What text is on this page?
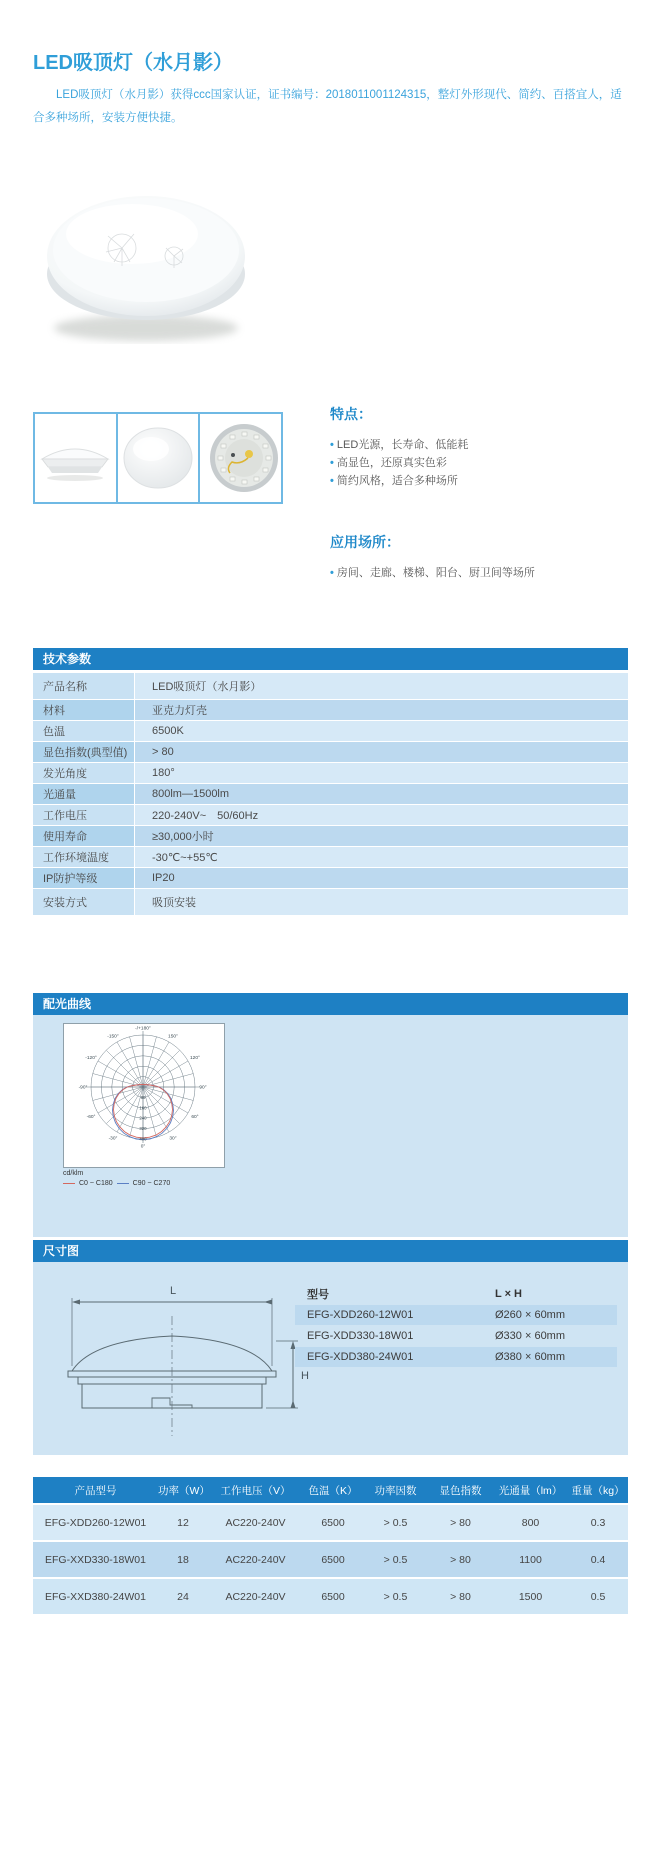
LED吸顶灯（水月影）
LED吸顶灯（水月影）获得ccc国家认证，证书编号：2018011001124315，整灯外形现代、简约、百搭宜人，适合多种场所，安装方便快捷。
特点：
• LED光源，长寿命、低能耗
• 高显色，还原真实色彩
• 简约风格，适合多种场所
应用场所：
• 房间、走廊、楼梯、阳台、厨卫间等场所
技术参数
产品名称	LED吸顶灯（水月影）
材料	亚克力灯壳
色温	6500K
显色指数(典型值)	> 80
发光角度	180°
光通量	800lm—1500lm
工作电压	220-240V~　50/60Hz
使用寿命	≥30,000小时
工作环境温度	-30℃~+55℃
IP防护等级	IP20
安装方式	吸顶安装
配光曲线
0°
30°
-30°
60°
-60°
90°
-90°
120°
-120°
150°
-150°
-/+180°
80
160
240
320
400
cd/klm
C0 ~ C180	C90 ~ C270
尺寸图
L
H
型号	L × H
EFG-XDD260-12W01	Ø260 × 60mm
EFG-XDD330-18W01	Ø330 × 60mm
EFG-XDD380-24W01	Ø380 × 60mm
产品型号	功率（W）	工作电压（V）	色温（K）	功率因数	显色指数	光通量（lm） 重量（kg）
EFG-XDD260-12W01	12	AC220-240V	6500	> 0.5	> 80	800	0.3
EFG-XXD330-18W01	18	AC220-240V	6500	> 0.5	> 80	1100	0.4
EFG-XXD380-24W01	24	AC220-240V	6500	> 0.5	> 80	1500	0.5
